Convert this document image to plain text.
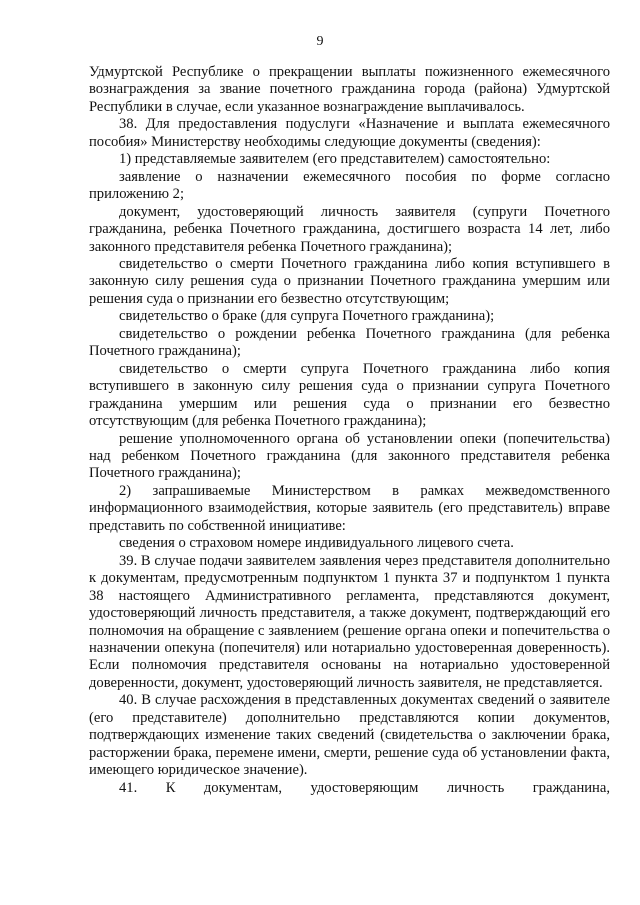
9

Удмуртской Республике о прекращении выплаты пожизненного ежемесячного вознаграждения за звание почетного гражданина города (района) Удмуртской Республики в случае, если указанное вознаграждение выплачивалось.

38. Для предоставления подуслуги «Назначение и выплата ежемесячного пособия» Министерству необходимы следующие документы (сведения):

1) представляемые заявителем (его представителем) самостоятельно:

заявление о назначении ежемесячного пособия по форме согласно приложению 2;

документ, удостоверяющий личность заявителя (супруги Почетного гражданина, ребенка Почетного гражданина, достигшего возраста 14 лет, либо законного представителя ребенка Почетного гражданина);

свидетельство о смерти Почетного гражданина либо копия вступившего в законную силу решения суда о признании Почетного гражданина умершим или решения суда о признании его безвестно отсутствующим;

свидетельство о браке (для супруга Почетного гражданина);

свидетельство о рождении ребенка Почетного гражданина (для ребенка Почетного гражданина);

свидетельство о смерти супруга Почетного гражданина либо копия вступившего в законную силу решения суда о признании супруга Почетного гражданина умершим или решения суда о признании его безвестно отсутствующим (для ребенка Почетного гражданина);

решение уполномоченного органа об установлении опеки (попечительства) над ребенком Почетного гражданина (для законного представителя ребенка Почетного гражданина);

2) запрашиваемые Министерством в рамках межведомственного информационного взаимодействия, которые заявитель (его представитель) вправе представить по собственной инициативе:

сведения о страховом номере индивидуального лицевого счета.

39. В случае подачи заявителем заявления через представителя дополнительно к документам, предусмотренным подпунктом 1 пункта 37 и подпунктом 1 пункта 38 настоящего Административного регламента, представляются документ, удостоверяющий личность представителя, а также документ, подтверждающий его полномочия на обращение с заявлением (решение органа опеки и попечительства о назначении опекуна (попечителя) или нотариально удостоверенная доверенность). Если полномочия представителя основаны на нотариально удостоверенной доверенности, документ, удостоверяющий личность заявителя, не представляется.

40. В случае расхождения в представленных документах сведений о заявителе (его представителе) дополнительно представляются копии документов, подтверждающих изменение таких сведений (свидетельства о заключении брака, расторжении брака, перемене имени, смерти, решение суда об установлении факта, имеющего юридическое значение).

41. К документам, удостоверяющим личность гражданина,
